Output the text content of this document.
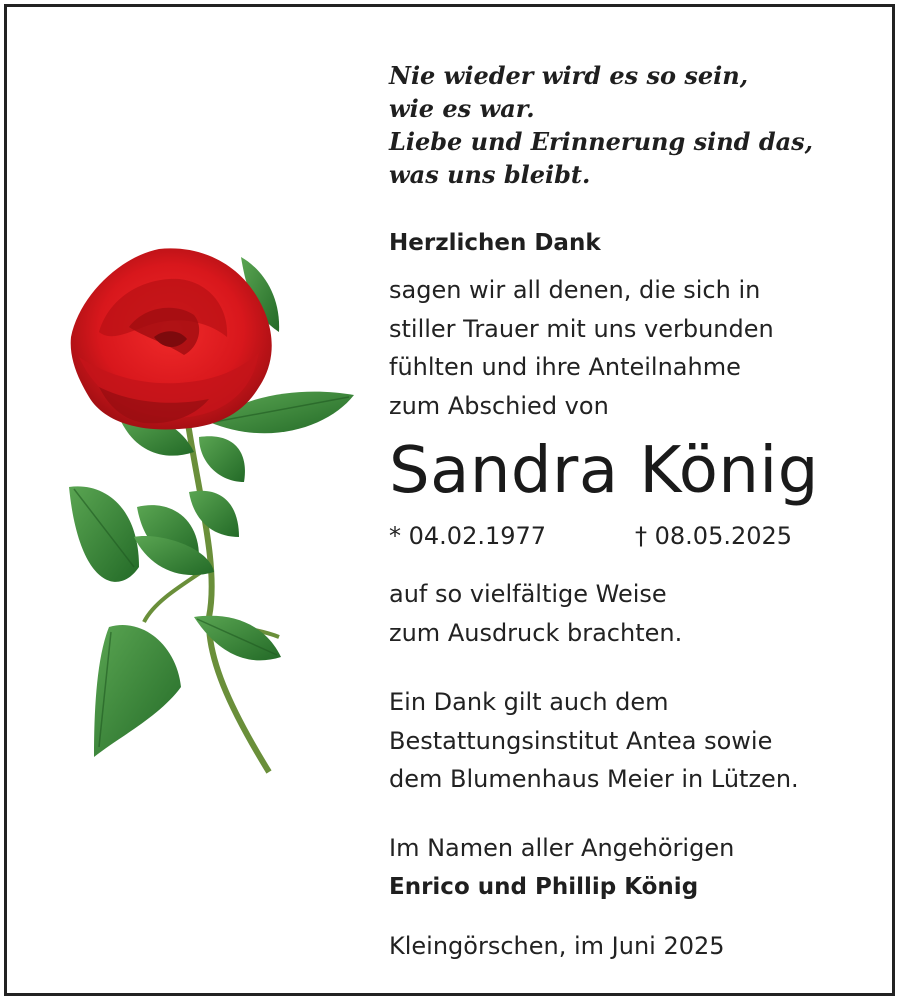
Nie wieder wird es so sein,
wie es war.
Liebe und Erinnerung sind das,
was uns bleibt.
Herzlichen Dank
sagen wir all denen, die sich in
stiller Trauer mit uns verbunden
fühlten und ihre Anteilnahme
zum Abschied von
Sandra König
* 04.02.1977	† 08.05.2025
auf so vielfältige Weise
zum Ausdruck brachten.
Ein Dank gilt auch dem
Bestattungsinstitut Antea sowie
dem Blumenhaus Meier in Lützen.
Im Namen aller Angehörigen
Enrico und Phillip König
Kleingörschen, im Juni 2025
